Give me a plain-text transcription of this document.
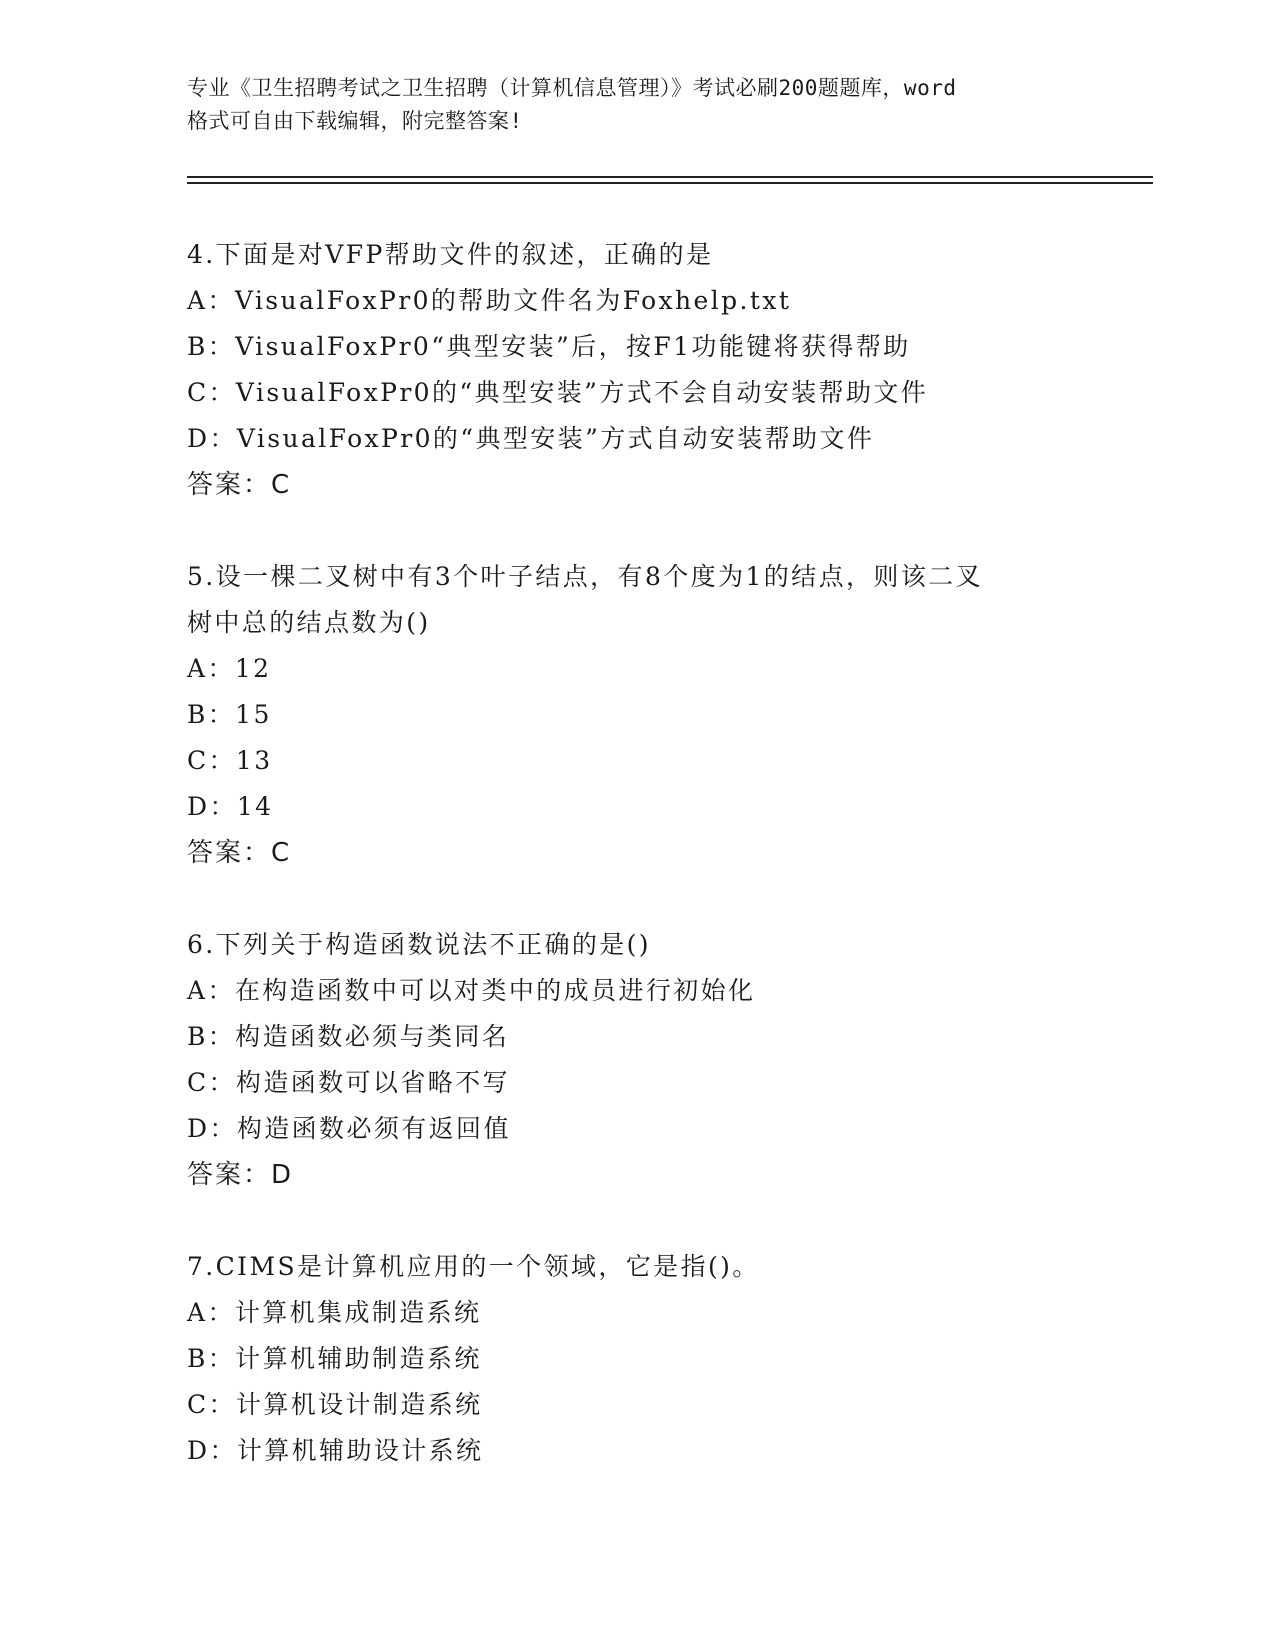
专业《卫生招聘考试之卫生招聘（计算机信息管理）》考试必刷200题题库，word
格式可自由下载编辑，附完整答案!
4.下面是对VFP帮助文件的叙述，正确的是
A：VisualFoxPr0的帮助文件名为Foxhelp.txt
B：VisualFoxPr0“典型安装”后，按F1功能键将获得帮助
C：VisualFoxPr0的“典型安装”方式不会自动安装帮助文件
D：VisualFoxPr0的“典型安装”方式自动安装帮助文件
答案：C
5.设一棵二叉树中有3个叶子结点，有8个度为1的结点，则该二叉
树中总的结点数为()
A：12
B：15
C：13
D：14
答案：C
6.下列关于构造函数说法不正确的是()
A：在构造函数中可以对类中的成员进行初始化
B：构造函数必须与类同名
C：构造函数可以省略不写
D：构造函数必须有返回值
答案：D
7.CIMS是计算机应用的一个领域，它是指()。
A：计算机集成制造系统
B：计算机辅助制造系统
C：计算机设计制造系统
D：计算机辅助设计系统
